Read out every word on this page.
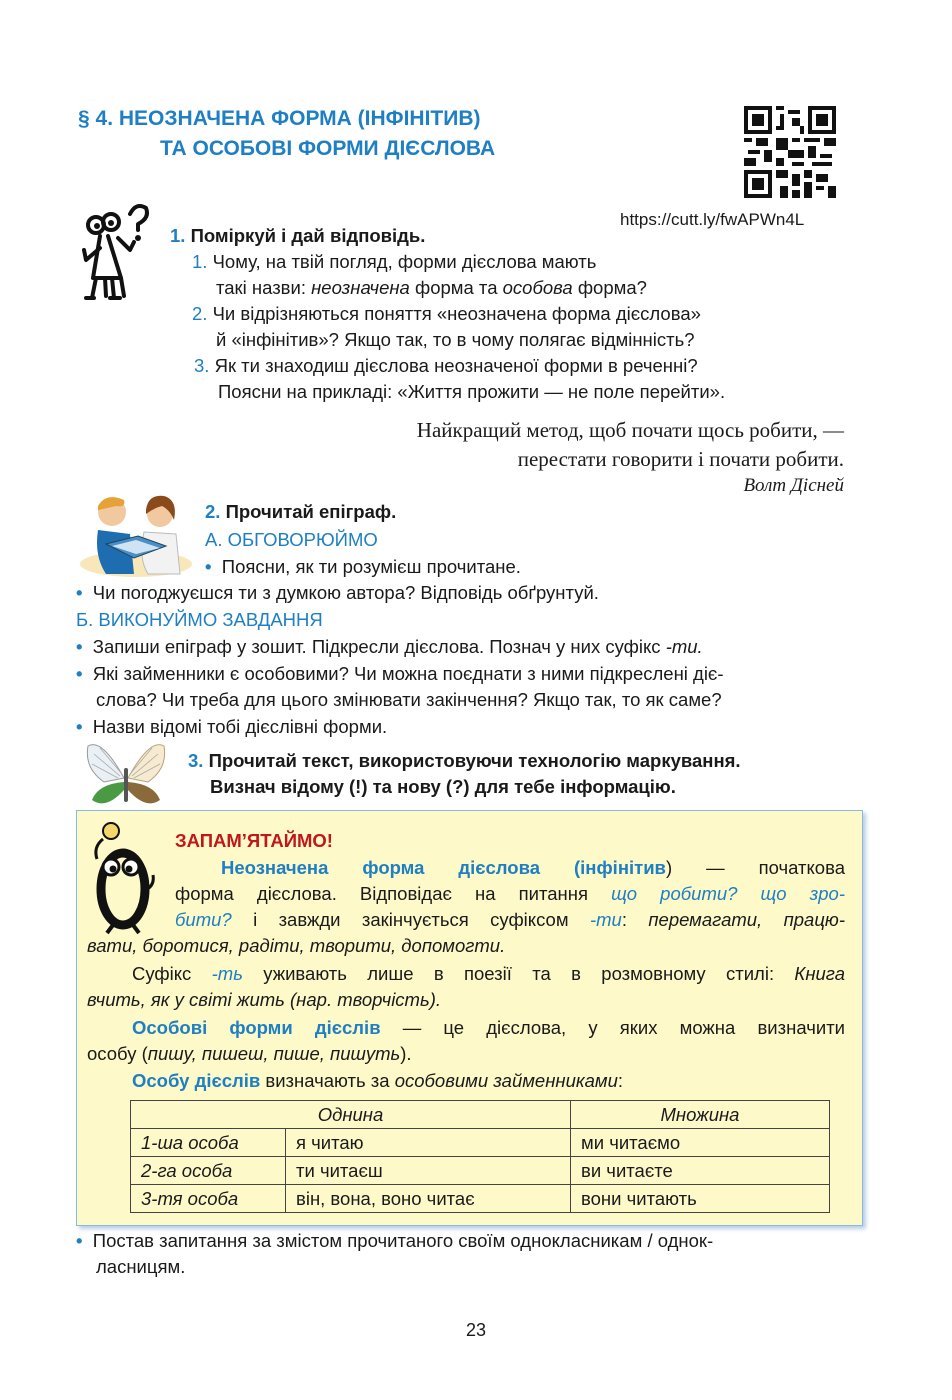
§ 4. НЕОЗНАЧЕНА ФОРМА (ІНФІНІТИВ)
ТА ОСОБОВІ ФОРМИ ДІЄСЛОВА
https://cutt.ly/fwAPWn4L
1. Поміркуй і дай відповідь.
1. Чому, на твій погляд, форми дієслова мають
такі назви: неозначена форма та особова форма?
2. Чи відрізняються поняття «неозначена форма дієслова»
й «інфінітив»? Якщо так, то в чому полягає відмінність?
3. Як ти знаходиш дієслова неозначеної форми в реченні?
Поясни на прикладі: «Життя прожити — не поле перейти».
Найкращий метод, щоб почати щось робити, —
перестати говорити і почати робити.
Волт Дісней
2. Прочитай епіграф.
А. ОБГОВОРЮЙМО
• Поясни, як ти розумієш прочитане.
• Чи погоджуєшся ти з думкою автора? Відповідь обґрунтуй.
Б. ВИКОНУЙМО ЗАВДАННЯ
• Запиши епіграф у зошит. Підкресли дієслова. Познач у них суфікс -ти.
• Які займенники є особовими? Чи можна поєднати з ними підкреслені діє-
слова? Чи треба для цього змінювати закінчення? Якщо так, то як саме?
• Назви відомі тобі дієслівні форми.
3. Прочитай текст, використовуючи технологію маркування.
Визнач відому (!) та нову (?) для тебе інформацію.
ЗАПАМ’ЯТАЙМО!
Неозначена форма дієслова (інфінітив) — початкова
форма дієслова. Відповідає на питання що робити? що зро-
бити? і завжди закінчується суфіксом -ти: перемагати, працю-
вати, боротися, радіти, творити, допомогти.
Суфікс -ть уживають лише в поезії та в розмовному стилі: Книга
вчить, як у світі жить (нар. творчість).
Особові форми дієслів — це дієслова, у яких можна визначити
особу (пишу, пишеш, пише, пишуть).
Особу дієслів визначають за особовими займенниками:
Однина		Множина
1-ша особа	я читаю	ми читаємо
2-га особа	ти читаєш	ви читаєте
3-тя особа	він, вона, воно читає	вони читають
• Постав запитання за змістом прочитаного своїм однокласникам / однок-
ласницям.
23
